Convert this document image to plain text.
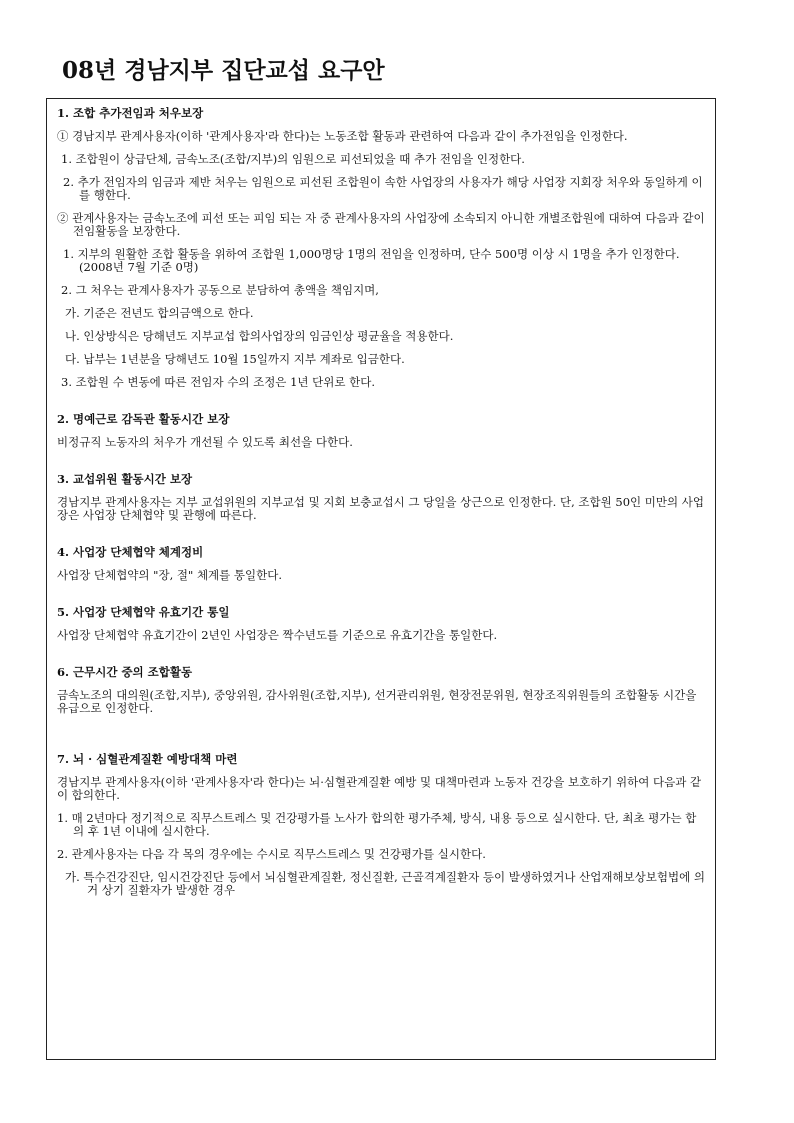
08년 경남지부 집단교섭 요구안
1. 조합 추가전임과 처우보장
① 경남지부 관계사용자(이하 '관계사용자'라 한다)는 노동조합 활동과 관련하여 다음과 같이 추가전임을 인정한다.
1. 조합원이 상급단체, 금속노조(조합/지부)의 임원으로 피선되었을 때 추가 전임을 인정한다.
2. 추가 전임자의 임금과 제반 처우는 임원으로 피선된 조합원이 속한 사업장의 사용자가 해당 사업장 지회장 처우와 동일하게 이를 행한다.
② 관계사용자는 금속노조에 피선 또는 피임 되는 자 중 관계사용자의 사업장에 소속되지 아니한 개별조합원에 대하여 다음과 같이 전임활동을 보장한다.
1. 지부의 원활한 조합 활동을 위하여 조합원 1,000명당 1명의 전임을 인정하며, 단수 500명 이상 시 1명을 추가 인정한다.(2008년 7월 기준 0명)
2. 그 처우는 관계사용자가 공동으로 분담하여 총액을 책임지며,
가. 기준은 전년도 합의금액으로 한다.
나. 인상방식은 당해년도 지부교섭 합의사업장의 임금인상 평균율을 적용한다.
다. 납부는 1년분을 당해년도 10월 15일까지 지부 계좌로 입금한다.
3. 조합원 수 변동에 따른 전임자 수의 조정은 1년 단위로 한다.
2. 명예근로 감독관 활동시간 보장
비정규직 노동자의 처우가 개선될 수 있도록 최선을 다한다.
3. 교섭위원 활동시간 보장
경남지부 관계사용자는 지부 교섭위원의 지부교섭 및 지회 보충교섭시 그 당일을 상근으로 인정한다. 단, 조합원 50인 미만의 사업장은 사업장 단체협약 및 관행에 따른다.
4. 사업장 단체협약 체계정비
사업장 단체협약의 "장, 절" 체계를 통일한다.
5. 사업장 단체협약 유효기간 통일
사업장 단체협약 유효기간이 2년인 사업장은 짝수년도를 기준으로 유효기간을 통일한다.
6. 근무시간 중의 조합활동
금속노조의 대의원(조합,지부), 중앙위원, 감사위원(조합,지부), 선거관리위원, 현장전문위원, 현장조직위원들의 조합활동 시간을 유급으로 인정한다.
7. 뇌 · 심혈관계질환 예방대책 마련
경남지부 관계사용자(이하 '관계사용자'라 한다)는 뇌·심혈관계질환 예방 및 대책마련과 노동자 건강을 보호하기 위하여 다음과 같이 합의한다.
1. 매 2년마다 정기적으로 직무스트레스 및 건강평가를 노사가 합의한 평가주체, 방식, 내용 등으로 실시한다. 단, 최초 평가는 합의 후 1년 이내에 실시한다.
2. 관계사용자는 다음 각 목의 경우에는 수시로 직무스트레스 및 건강평가를 실시한다.
가. 특수건강진단, 임시건강진단 등에서 뇌심혈관계질환, 정신질환, 근골격계질환자 등이 발생하였거나 산업재해보상보험법에 의거 상기 질환자가 발생한 경우
